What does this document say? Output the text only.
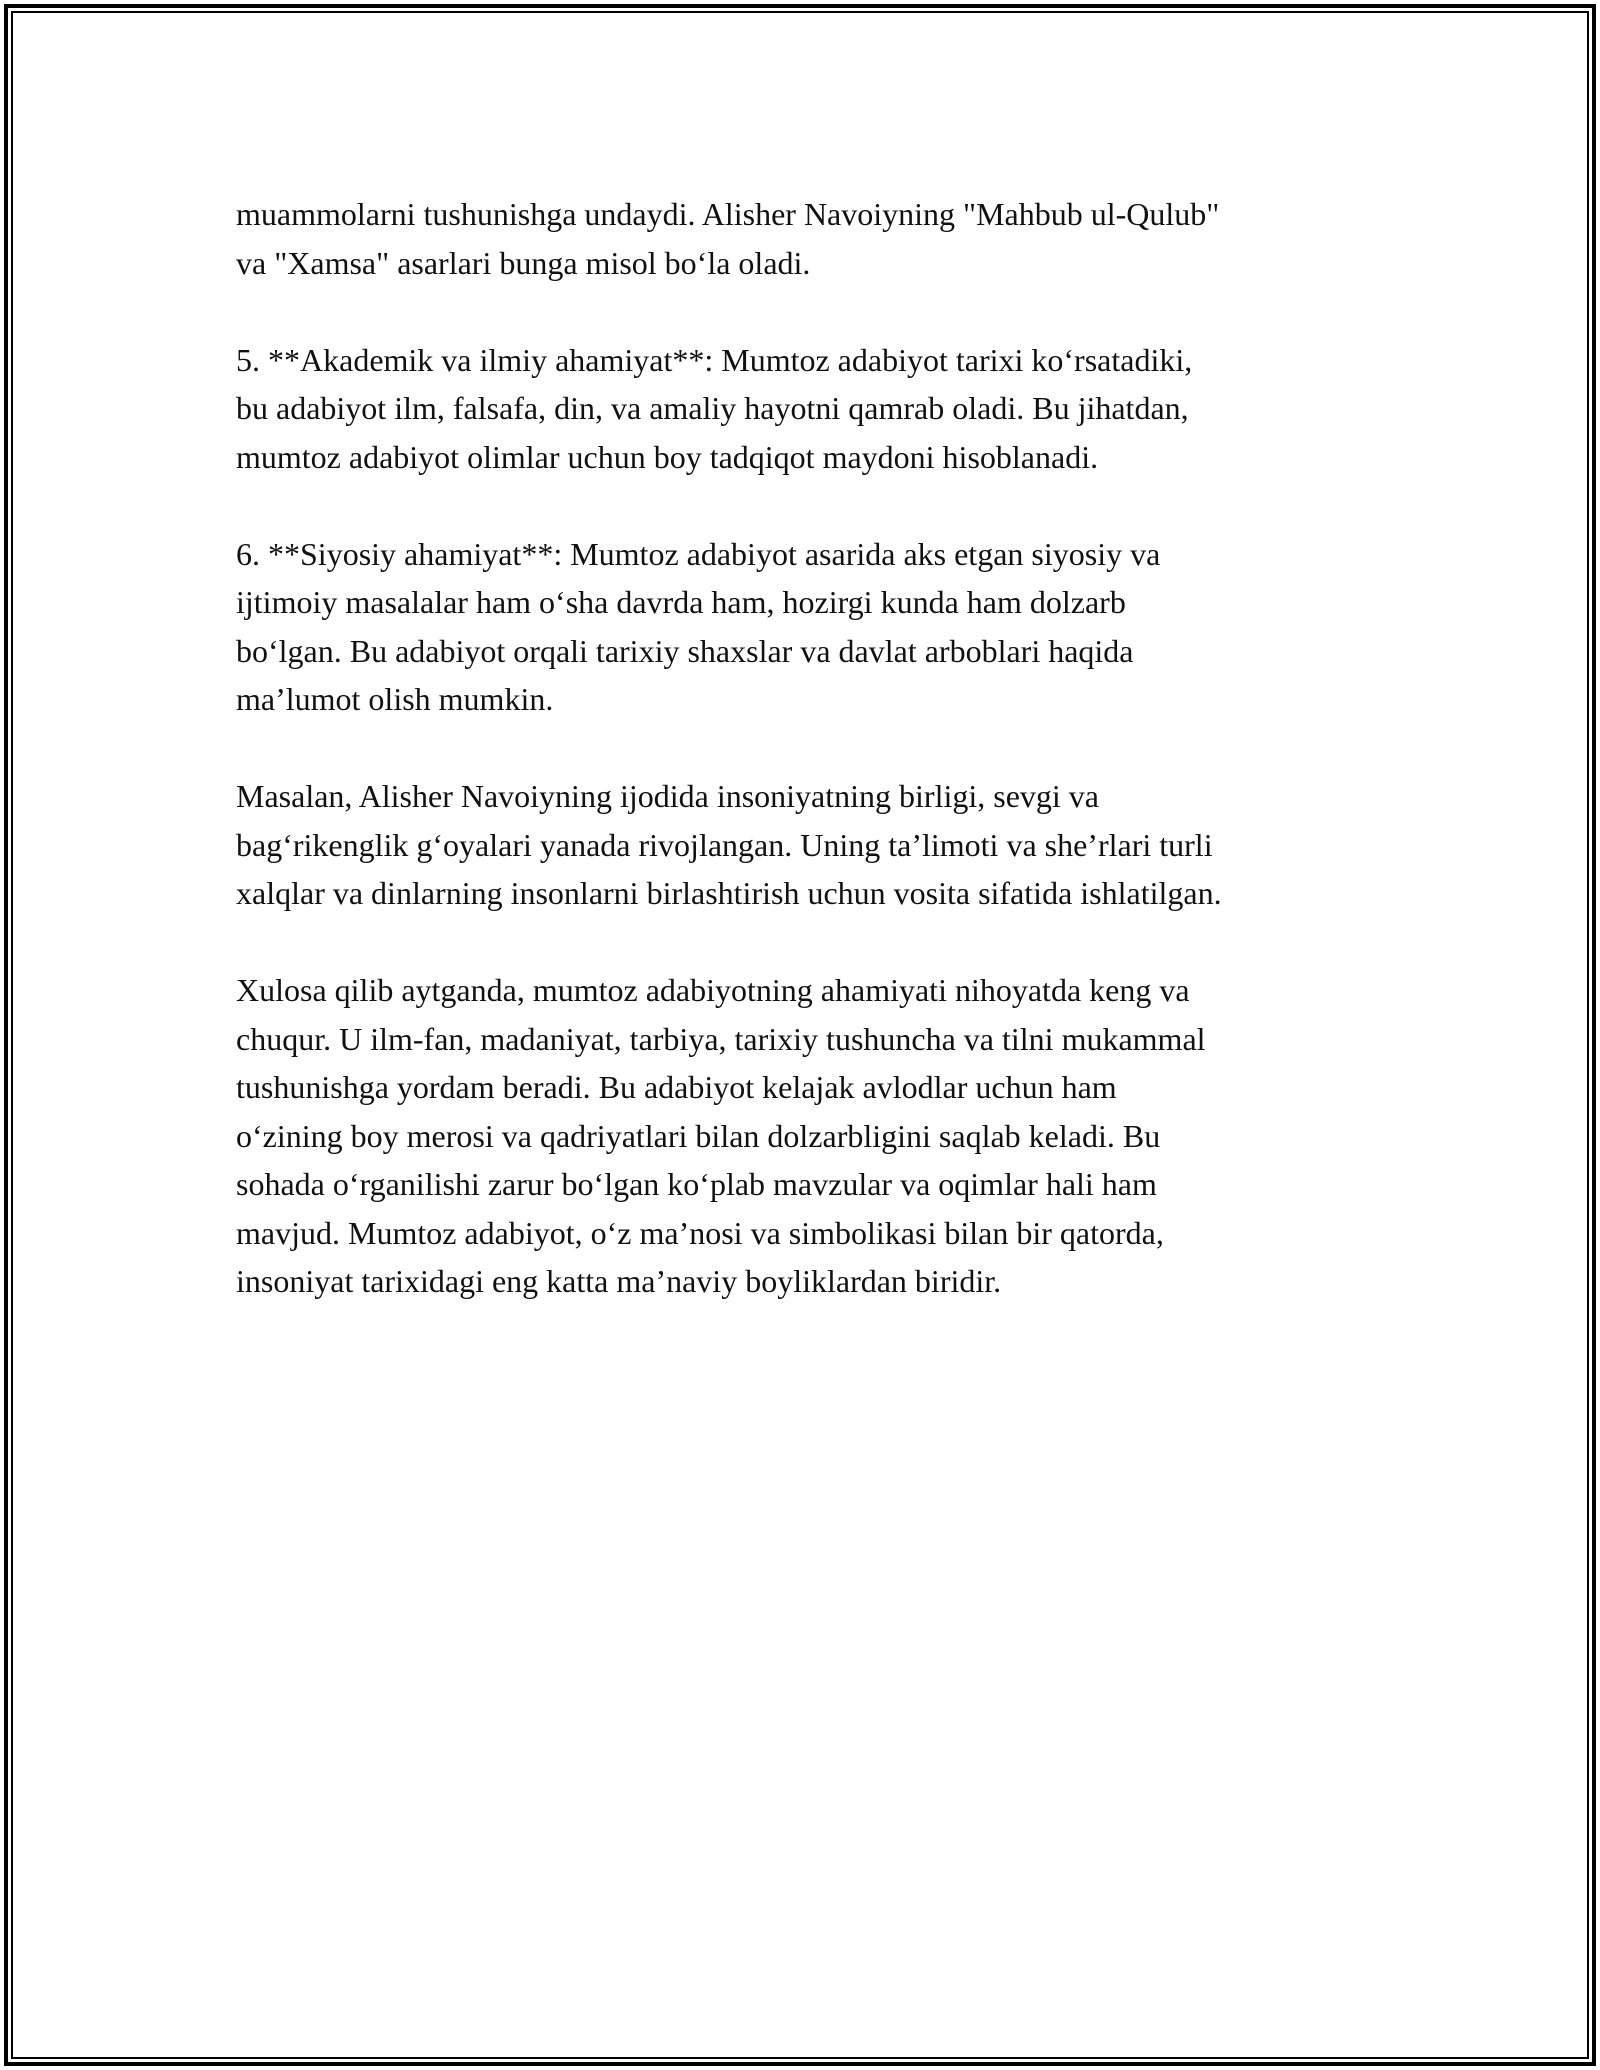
muammolarni tushunishga undaydi. Alisher Navoiyning "Mahbub ul-Qulub"
va "Xamsa" asarlari bunga misol boʻla oladi.

5. **Akademik va ilmiy ahamiyat**: Mumtoz adabiyot tarixi koʻrsatadiki,
bu adabiyot ilm, falsafa, din, va amaliy hayotni qamrab oladi. Bu jihatdan,
mumtoz adabiyot olimlar uchun boy tadqiqot maydoni hisoblanadi.

6. **Siyosiy ahamiyat**: Mumtoz adabiyot asarida aks etgan siyosiy va
ijtimoiy masalalar ham oʻsha davrda ham, hozirgi kunda ham dolzarb
boʻlgan. Bu adabiyot orqali tarixiy shaxslar va davlat arboblari haqida
ma’lumot olish mumkin.

Masalan, Alisher Navoiyning ijodida insoniyatning birligi, sevgi va
bagʻrikenglik gʻoyalari yanada rivojlangan. Uning ta’limoti va she’rlari turli
xalqlar va dinlarning insonlarni birlashtirish uchun vosita sifatida ishlatilgan.

Xulosa qilib aytganda, mumtoz adabiyotning ahamiyati nihoyatda keng va
chuqur. U ilm-fan, madaniyat, tarbiya, tarixiy tushuncha va tilni mukammal
tushunishga yordam beradi. Bu adabiyot kelajak avlodlar uchun ham
oʻzining boy merosi va qadriyatlari bilan dolzarbligini saqlab keladi. Bu
sohada oʻrganilishi zarur boʻlgan koʻplab mavzular va oqimlar hali ham
mavjud. Mumtoz adabiyot, oʻz ma’nosi va simbolikasi bilan bir qatorda,
insoniyat tarixidagi eng katta ma’naviy boyliklardan biridir.
